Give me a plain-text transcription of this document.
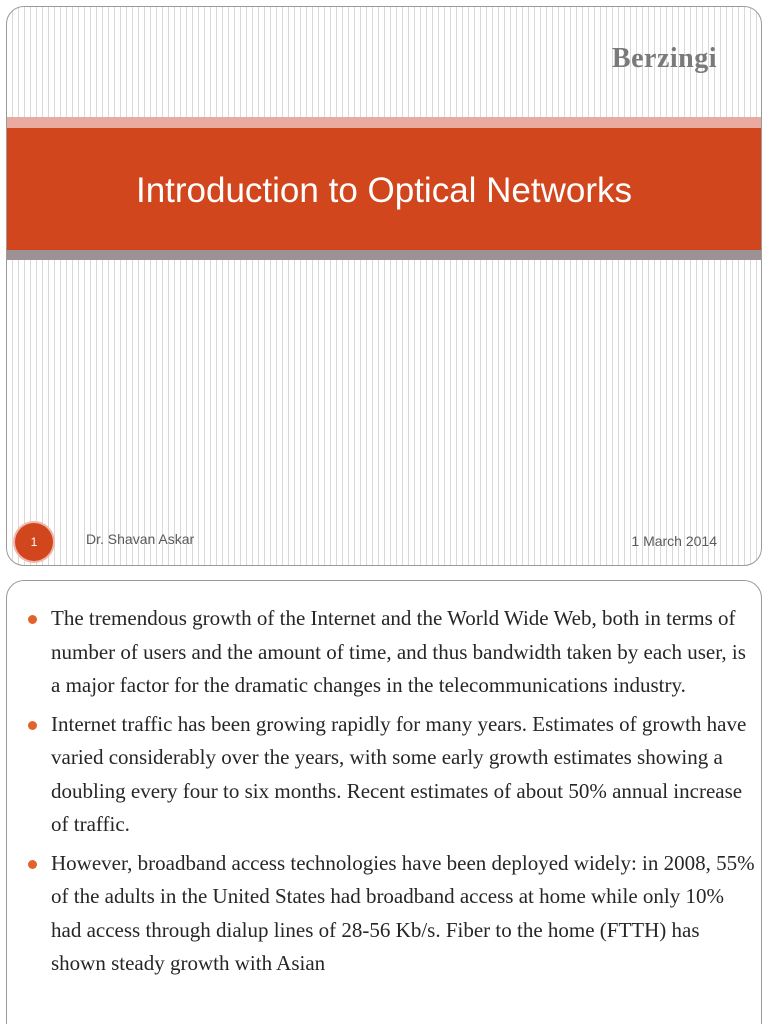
Berzingi
Introduction to Optical Networks
1	Dr. Shavan Askar	1 March 2014
The tremendous growth of the Internet and the World Wide Web, both in terms of number of users and the amount of time, and thus bandwidth taken by each user, is a major factor for the dramatic changes in the telecommunications industry.
Internet traffic has been growing rapidly for many years. Estimates of growth have varied considerably over the years, with some early growth estimates showing a doubling every four to six months. Recent estimates of about 50% annual increase of traffic.
However, broadband access technologies have been deployed widely: in 2008, 55% of the adults in the United States had broadband access at home while only 10% had access through dialup lines of 28-56 Kb/s. Fiber to the home (FTTH) has shown steady growth with Asian
